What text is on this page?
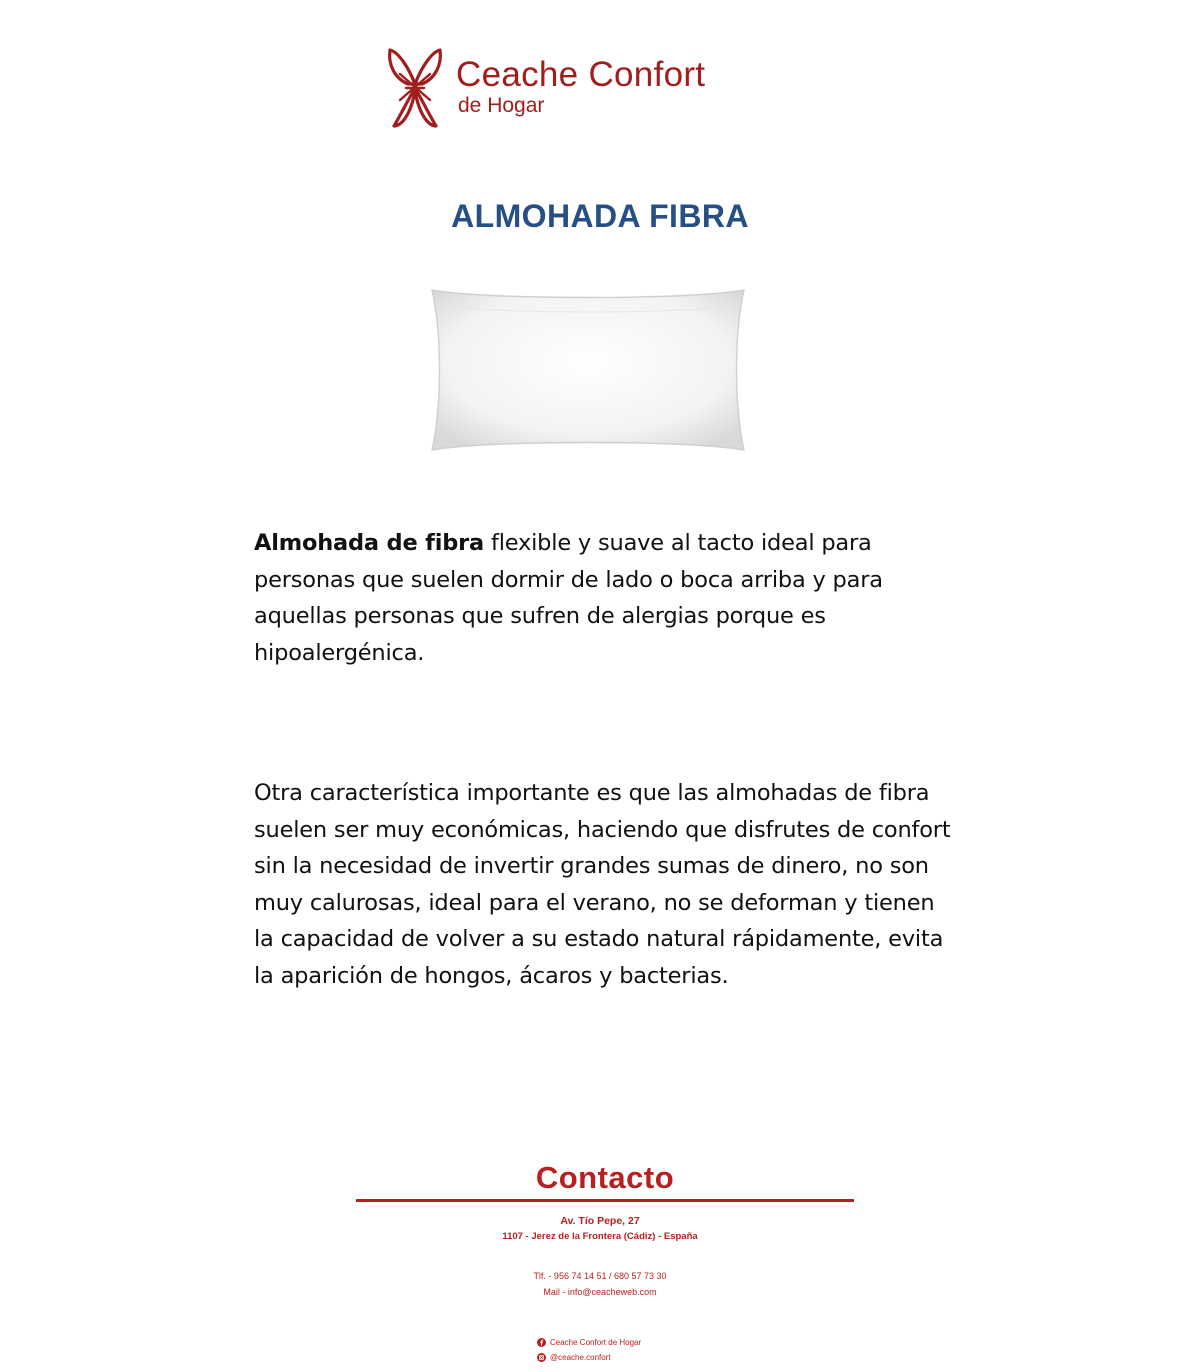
Ceache Confort
de Hogar
ALMOHADA FIBRA
Almohada de fibra flexible y suave al tacto ideal para personas que suelen dormir de lado o boca arriba y para aquellas personas que sufren de alergias porque es hipoalergénica.
Otra característica importante es que las almohadas de fibra suelen ser muy económicas, haciendo que disfrutes de confort sin la necesidad de invertir grandes sumas de dinero, no son muy calurosas, ideal para el verano, no se deforman y tienen la capacidad de volver a su estado natural rápidamente, evita la aparición de hongos, ácaros y bacterias.
Contacto
Av. Tío Pepe, 27
1107 - Jerez de la Frontera (Cádiz) - España
Tlf. - 956 74 14 51 / 680 57 73 30
Mail - info@ceacheweb.com
Ceache Confort de Hogar
@ceache.confort
